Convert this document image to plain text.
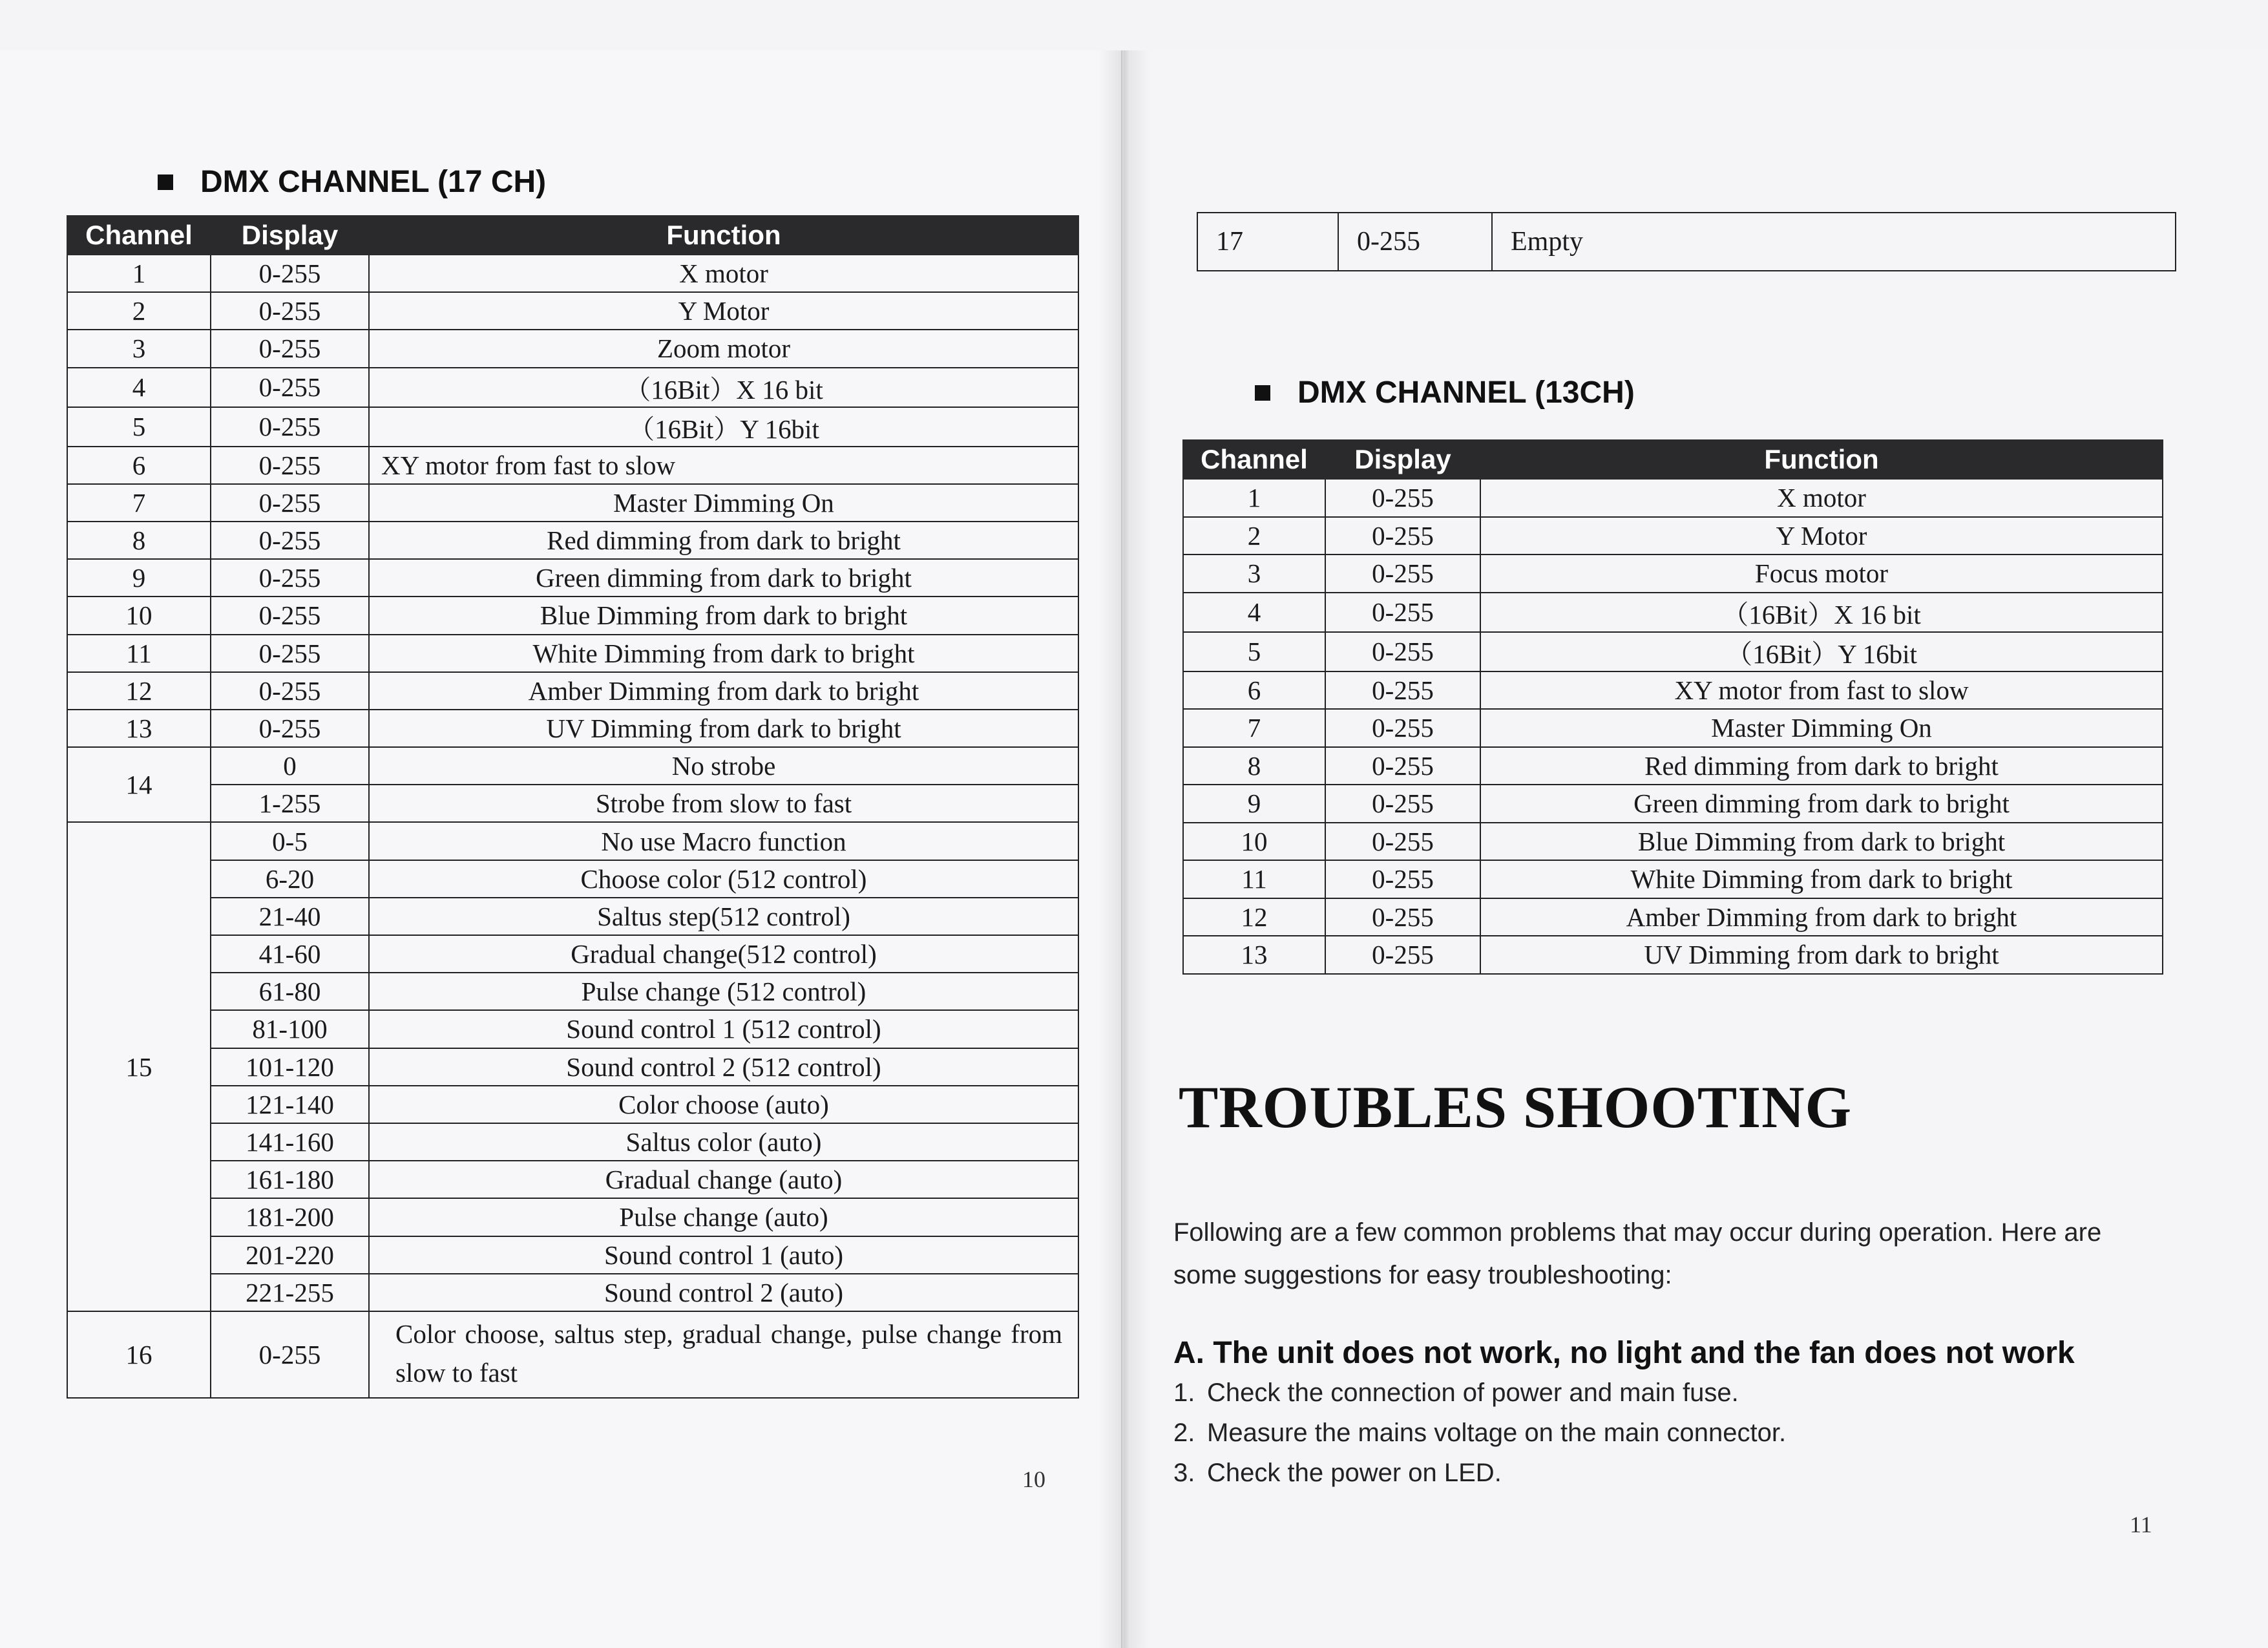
DMX CHANNEL (17 CH)
Channel	Display	Function
1	0-255	X motor
2	0-255	Y Motor
3	0-255	Zoom motor
4	0-255	（16Bit）X 16 bit
5	0-255	（16Bit）Y 16bit
6	0-255	XY motor from fast to slow
7	0-255	Master Dimming On
8	0-255	Red dimming from dark to bright
9	0-255	Green dimming from dark to bright
10	0-255	Blue Dimming from dark to bright
11	0-255	White Dimming from dark to bright
12	0-255	Amber Dimming from dark to bright
13	0-255	UV Dimming from dark to bright
14	0	No strobe
	1-255	Strobe from slow to fast
15	0-5	No use Macro function
	6-20	Choose color (512 control)
	21-40	Saltus step(512 control)
	41-60	Gradual change(512 control)
	61-80	Pulse change (512 control)
	81-100	Sound control 1 (512 control)
	101-120	Sound control 2 (512 control)
	121-140	Color choose (auto)
	141-160	Saltus color (auto)
	161-180	Gradual change (auto)
	181-200	Pulse change (auto)
	201-220	Sound control 1 (auto)
	221-255	Sound control 2 (auto)
16	0-255	Color choose, saltus step, gradual change, pulse change from slow to fast
10
17	0-255	Empty
DMX CHANNEL (13CH)
Channel	Display	Function
1	0-255	X motor
2	0-255	Y Motor
3	0-255	Focus motor
4	0-255	（16Bit）X 16 bit
5	0-255	（16Bit）Y 16bit
6	0-255	XY motor from fast to slow
7	0-255	Master Dimming On
8	0-255	Red dimming from dark to bright
9	0-255	Green dimming from dark to bright
10	0-255	Blue Dimming from dark to bright
11	0-255	White Dimming from dark to bright
12	0-255	Amber Dimming from dark to bright
13	0-255	UV Dimming from dark to bright
TROUBLES SHOOTING
Following are a few common problems that may occur during operation. Here are some suggestions for easy troubleshooting:
A. The unit does not work, no light and the fan does not work
1. Check the connection of power and main fuse.
2. Measure the mains voltage on the main connector.
3. Check the power on LED.
11
